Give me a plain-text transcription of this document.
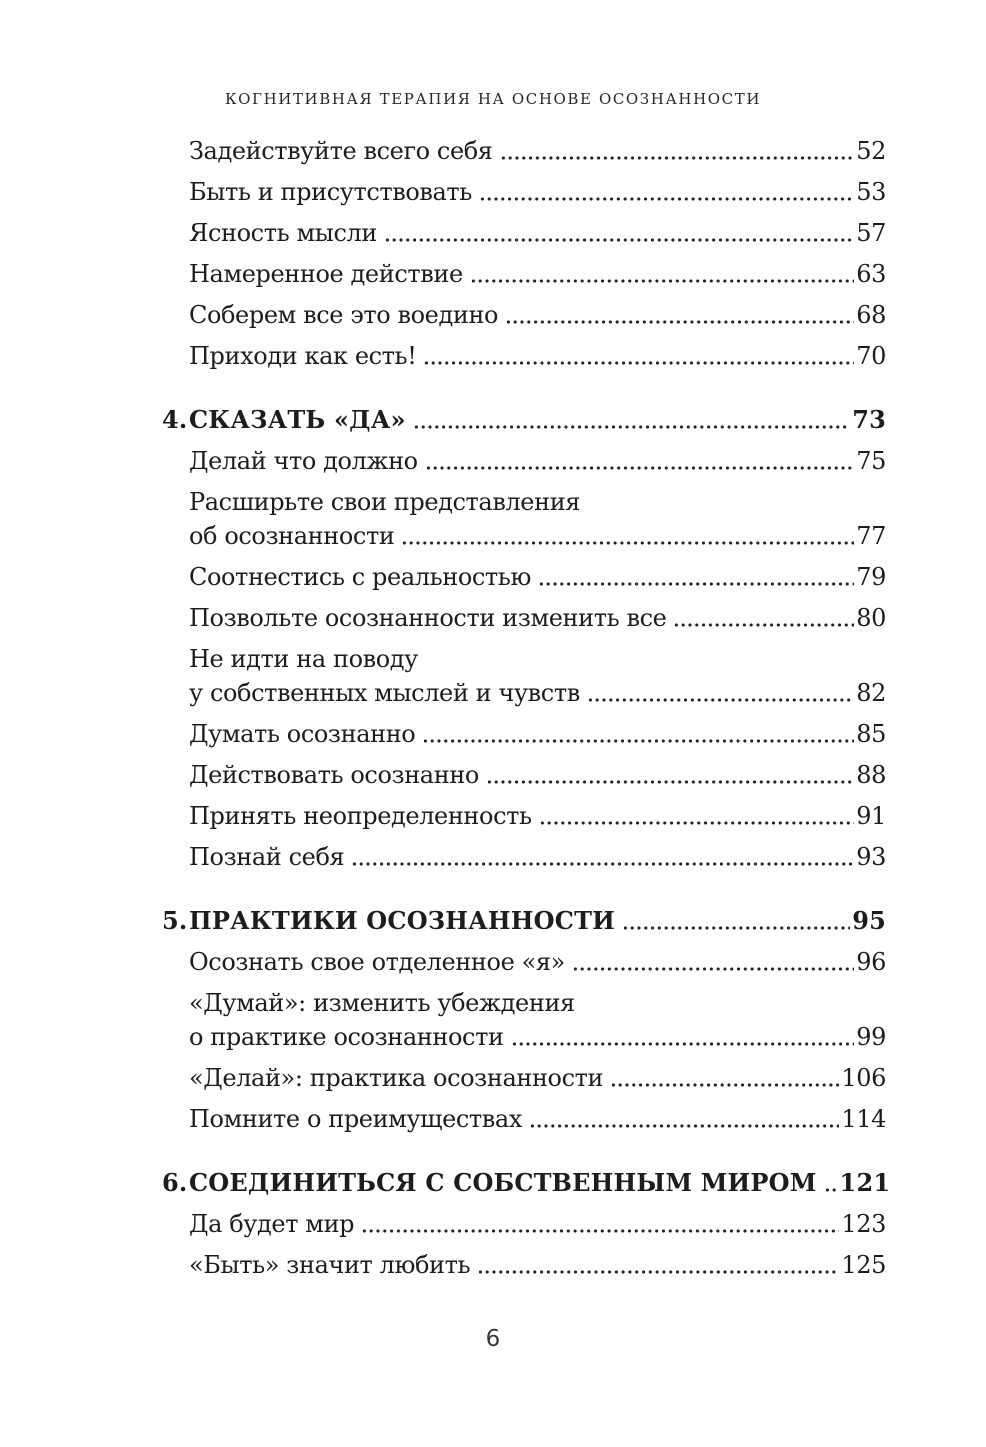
КОГНИТИВНАЯ ТЕРАПИЯ НА ОСНОВЕ ОСОЗНАННОСТИ
Задействуйте всего себя	52
Быть и присутствовать	53
Ясность мысли	57
Намеренное действие	63
Соберем все это воедино	68
Приходи как есть!	70
4. СКАЗАТЬ «ДА»	73
Делай что должно	75
Расширьте свои представления
об осознанности	77
Соотнестись с реальностью	79
Позвольте осознанности изменить все	80
Не идти на поводу
у собственных мыслей и чувств	82
Думать осознанно	85
Действовать осознанно	88
Принять неопределенность	91
Познай себя	93
5. ПРАКТИКИ ОСОЗНАННОСТИ	95
Осознать свое отделенное «я»	96
«Думай»: изменить убеждения
о практике осознанности	99
«Делай»: практика осознанности	106
Помните о преимуществах	114
6. СОЕДИНИТЬСЯ С СОБСТВЕННЫМ МИРОМ 121
Да будет мир	123
«Быть» значит любить	125
6
